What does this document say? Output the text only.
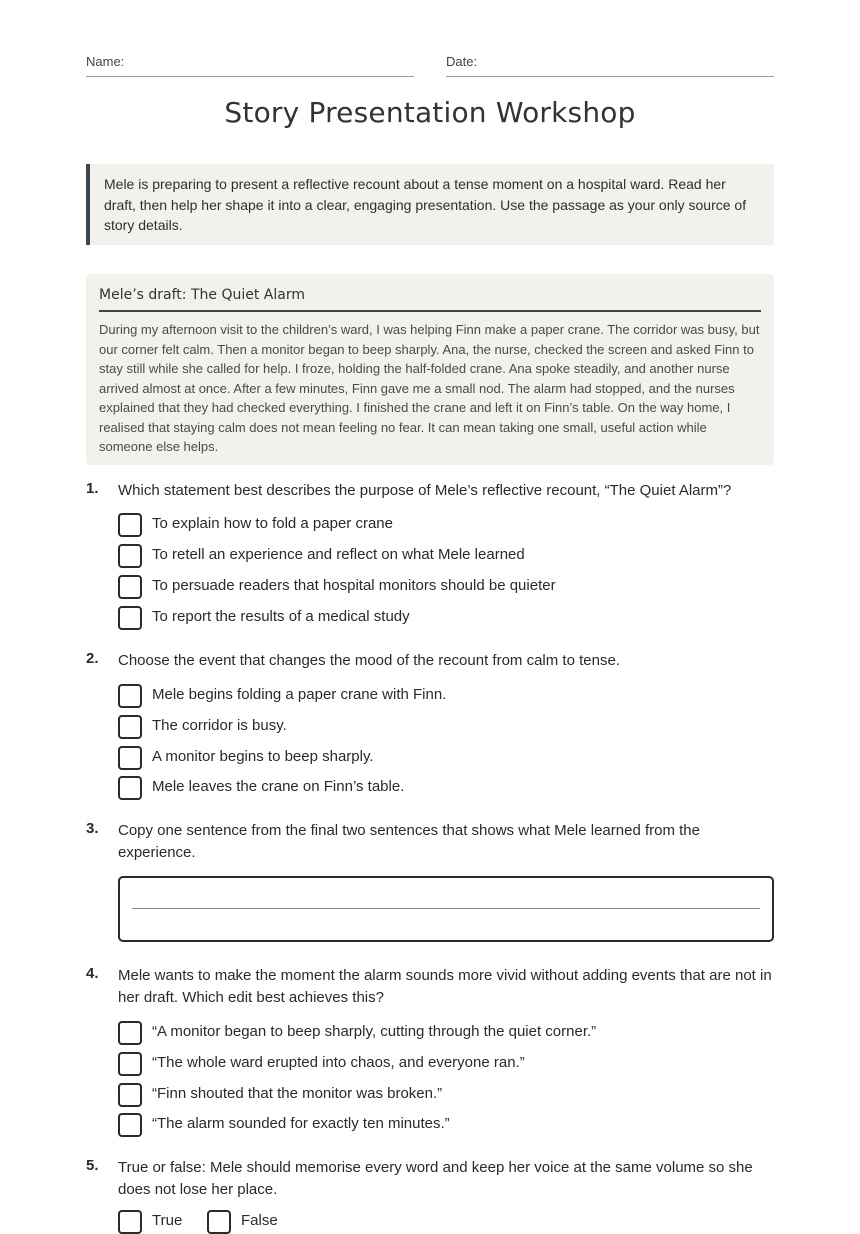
Name:	Date:
Story Presentation Workshop
Mele is preparing to present a reflective recount about a tense moment on a hospital ward. Read her draft, then help her shape it into a clear, engaging presentation. Use the passage as your only source of story details.
Mele’s draft: The Quiet Alarm
During my afternoon visit to the children’s ward, I was helping Finn make a paper crane. The corridor was busy, but our corner felt calm. Then a monitor began to beep sharply. Ana, the nurse, checked the screen and asked Finn to stay still while she called for help. I froze, holding the half-folded crane. Ana spoke steadily, and another nurse arrived almost at once. After a few minutes, Finn gave me a small nod. The alarm had stopped, and the nurses explained that they had checked everything. I finished the crane and left it on Finn’s table. On the way home, I realised that staying calm does not mean feeling no fear. It can mean taking one small, useful action while someone else helps.
1. Which statement best describes the purpose of Mele’s reflective recount, “The Quiet Alarm”?
To explain how to fold a paper crane
To retell an experience and reflect on what Mele learned
To persuade readers that hospital monitors should be quieter
To report the results of a medical study
2. Choose the event that changes the mood of the recount from calm to tense.
Mele begins folding a paper crane with Finn.
The corridor is busy.
A monitor begins to beep sharply.
Mele leaves the crane on Finn’s table.
3. Copy one sentence from the final two sentences that shows what Mele learned from the experience.
4. Mele wants to make the moment the alarm sounds more vivid without adding events that are not in her draft. Which edit best achieves this?
“A monitor began to beep sharply, cutting through the quiet corner.”
“The whole ward erupted into chaos, and everyone ran.”
“Finn shouted that the monitor was broken.”
“The alarm sounded for exactly ten minutes.”
5. True or false: Mele should memorise every word and keep her voice at the same volume so she does not lose her place.
True	False
